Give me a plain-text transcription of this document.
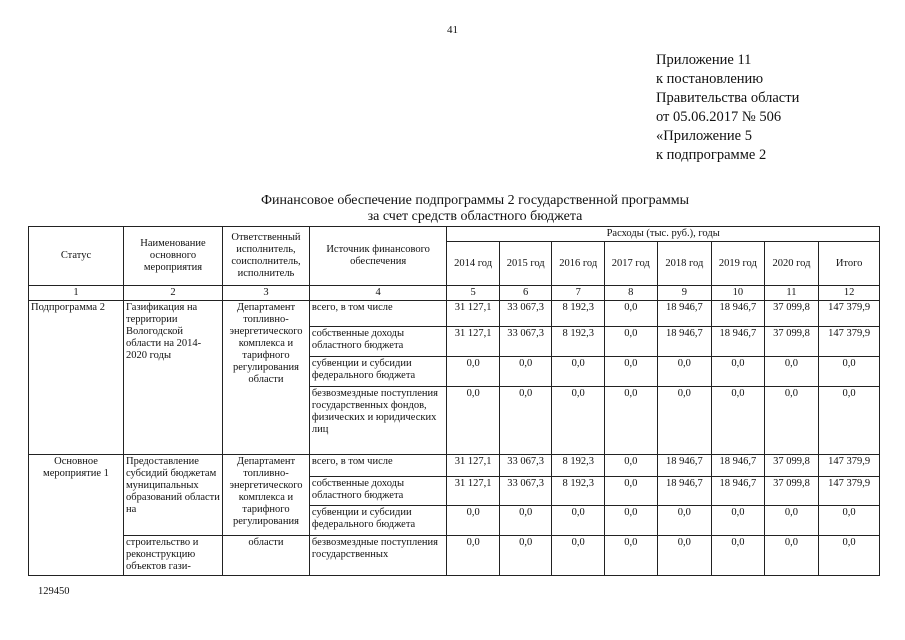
41
Приложение 11
к постановлению
Правительства области
от 05.06.2017 № 506
«Приложение 5
к подпрограмме 2
Финансовое обеспечение подпрограммы 2 государственной программы
за счет средств областного бюджета
Статус	Наименование основного мероприятия	Ответственный исполнитель, соисполнитель, исполнитель	Источник финансового обеспечения	Расходы (тыс. руб.), годы							
				2014 год	2015 год	2016 год	2017 год	2018 год	2019 год	2020 год	Итого
1	2	3	4	5	6	7	8	9	10	11	12
Подпрограмма 2	Газификация на территории Вологодской области на 2014-2020 годы	Департамент топливно-энергетического комплекса и тарифного регулирования области	всего, в том числе	31 127,1	33 067,3	8 192,3	0,0	18 946,7	18 946,7	37 099,8	147 379,9
			собственные доходы областного бюджета	31 127,1	33 067,3	8 192,3	0,0	18 946,7	18 946,7	37 099,8	147 379,9
			субвенции и субсидии федерального бюджета	0,0	0,0	0,0	0,0	0,0	0,0	0,0	0,0
			безвозмездные поступления государственных фондов, физических и юридических лиц	0,0	0,0	0,0	0,0	0,0	0,0	0,0	0,0
Основное мероприятие 1	Предоставление субсидий бюджетам муниципальных образований области на	Департамент топливно-энергетического комплекса и тарифного регулирования	всего, в том числе	31 127,1	33 067,3	8 192,3	0,0	18 946,7	18 946,7	37 099,8	147 379,9
			собственные доходы областного бюджета	31 127,1	33 067,3	8 192,3	0,0	18 946,7	18 946,7	37 099,8	147 379,9
			субвенции и субсидии федерального бюджета	0,0	0,0	0,0	0,0	0,0	0,0	0,0	0,0
	строительство и реконструкцию объектов гази-	области	безвозмездные поступления государственных	0,0	0,0	0,0	0,0	0,0	0,0	0,0	0,0
129450
